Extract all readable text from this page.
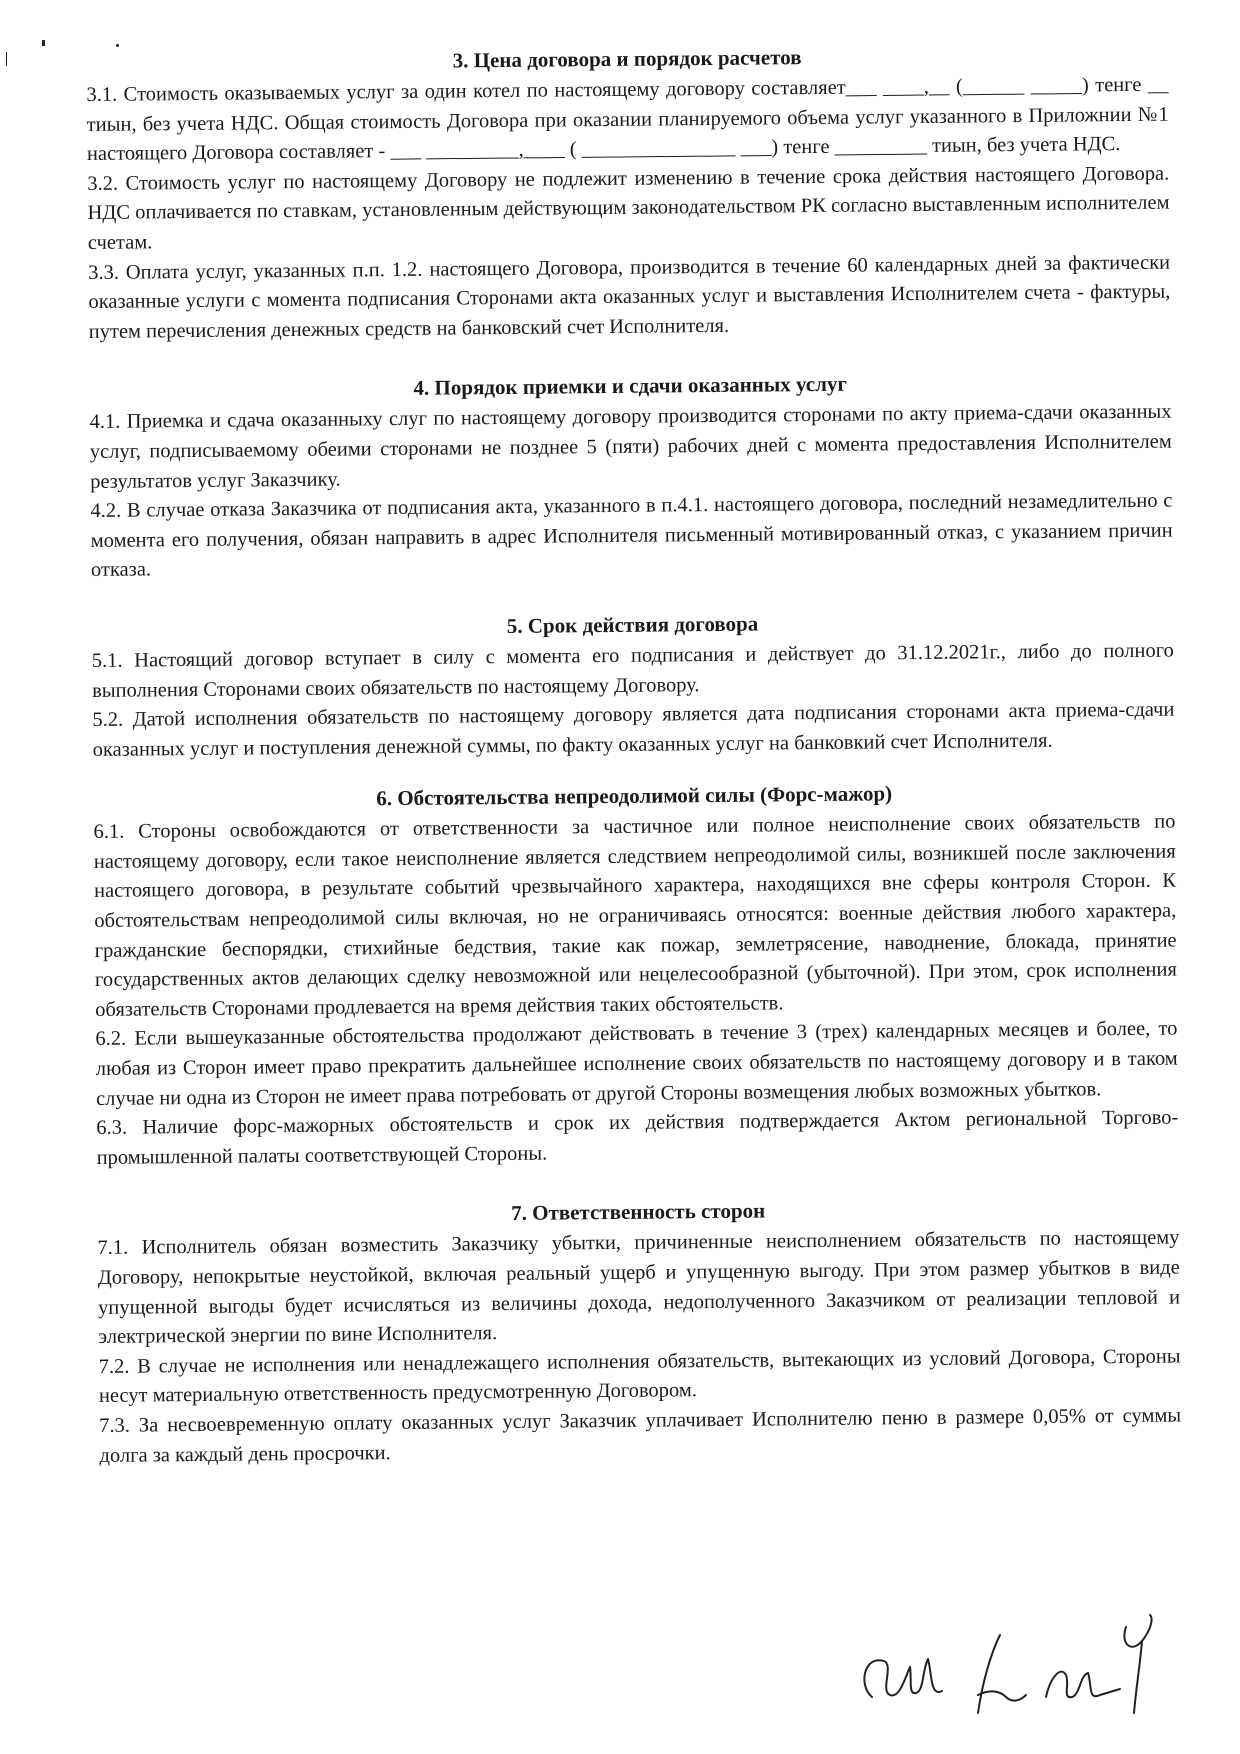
3. Цена договора и порядок расчетов

3.1. Стоимость оказываемых услуг за один котел по настоящему договору составляет___ ____,__ (______ _____) тенге __ тиын, без учета НДС. Общая стоимость Договора при оказании планируемого объема услуг указанного в Приложнии №1 настоящего Договора составляет - ___ _________,____ ( _______________ ___) тенге _________ тиын, без учета НДС.

3.2. Стоимость услуг по настоящему Договору не подлежит изменению в течение срока действия настоящего Договора. НДС оплачивается по ставкам, установленным действующим законодательством РК согласно выставленным исполнителем счетам.

3.3. Оплата услуг, указанных п.п. 1.2. настоящего Договора, производится в течение 60 календарных дней за фактически оказанные услуги с момента подписания Сторонами акта оказанных услуг и выставления Исполнителем счета - фактуры, путем перечисления денежных средств на банковский счет Исполнителя.

4. Порядок приемки и сдачи оказанных услуг

4.1. Приемка и сдача оказанныху слуг по настоящему договору производится сторонами по акту приема-сдачи оказанных услуг, подписываемому обеими сторонами не позднее 5 (пяти) рабочих дней с момента предоставления Исполнителем результатов услуг Заказчику.

4.2. В случае отказа Заказчика от подписания акта, указанного в п.4.1. настоящего договора, последний незамедлительно с момента его получения, обязан направить в адрес Исполнителя письменный мотивированный отказ, с указанием причин отказа.

5. Срок действия договора

5.1. Настоящий договор вступает в силу с момента его подписания и действует до 31.12.2021г., либо до полного выполнения Сторонами своих обязательств по настоящему Договору.

5.2. Датой исполнения обязательств по настоящему договору является дата подписания сторонами акта приема-сдачи оказанных услуг и поступления денежной суммы, по факту оказанных услуг на банковкий счет Исполнителя.

6. Обстоятельства непреодолимой силы (Форс-мажор)

6.1. Стороны освобождаются от ответственности за частичное или полное неисполнение своих обязательств по настоящему договору, если такое неисполнение является следствием непреодолимой силы, возникшей после заключения настоящего договора, в результате событий чрезвычайного характера, находящихся вне сферы контроля Сторон. К обстоятельствам непреодолимой силы включая, но не ограничиваясь относятся: военные действия любого характера, гражданские беспорядки, стихийные бедствия, такие как пожар, землетрясение, наводнение, блокада, принятие государственных актов делающих сделку невозможной или нецелесообразной (убыточной). При этом, срок исполнения обязательств Сторонами продлевается на время действия таких обстоятельств.

6.2. Если вышеуказанные обстоятельства продолжают действовать в течение 3 (трех) календарных месяцев и более, то любая из Сторон имеет право прекратить дальнейшее исполнение своих обязательств по настоящему договору и в таком случае ни одна из Сторон не имеет права потребовать от другой Стороны возмещения любых возможных убытков.

6.3. Наличие форс-мажорных обстоятельств и срок их действия подтверждается Актом региональной Торгово-промышленной палаты соответствующей Стороны.

7. Ответственность сторон

7.1. Исполнитель обязан возместить Заказчику убытки, причиненные неисполнением обязательств по настоящему Договору, непокрытые неустойкой, включая реальный ущерб и упущенную выгоду. При этом размер убытков в виде упущенной выгоды будет исчисляться из величины дохода, недополученного Заказчиком от реализации тепловой и электрической энергии по вине Исполнителя.

7.2. В случае не исполнения или ненадлежащего исполнения обязательств, вытекающих из условий Договора, Стороны несут материальную ответственность предусмотренную Договором.

7.3. За несвоевременную оплату оказанных услуг Заказчик уплачивает Исполнителю пеню в размере 0,05% от суммы долга за каждый день просрочки.
